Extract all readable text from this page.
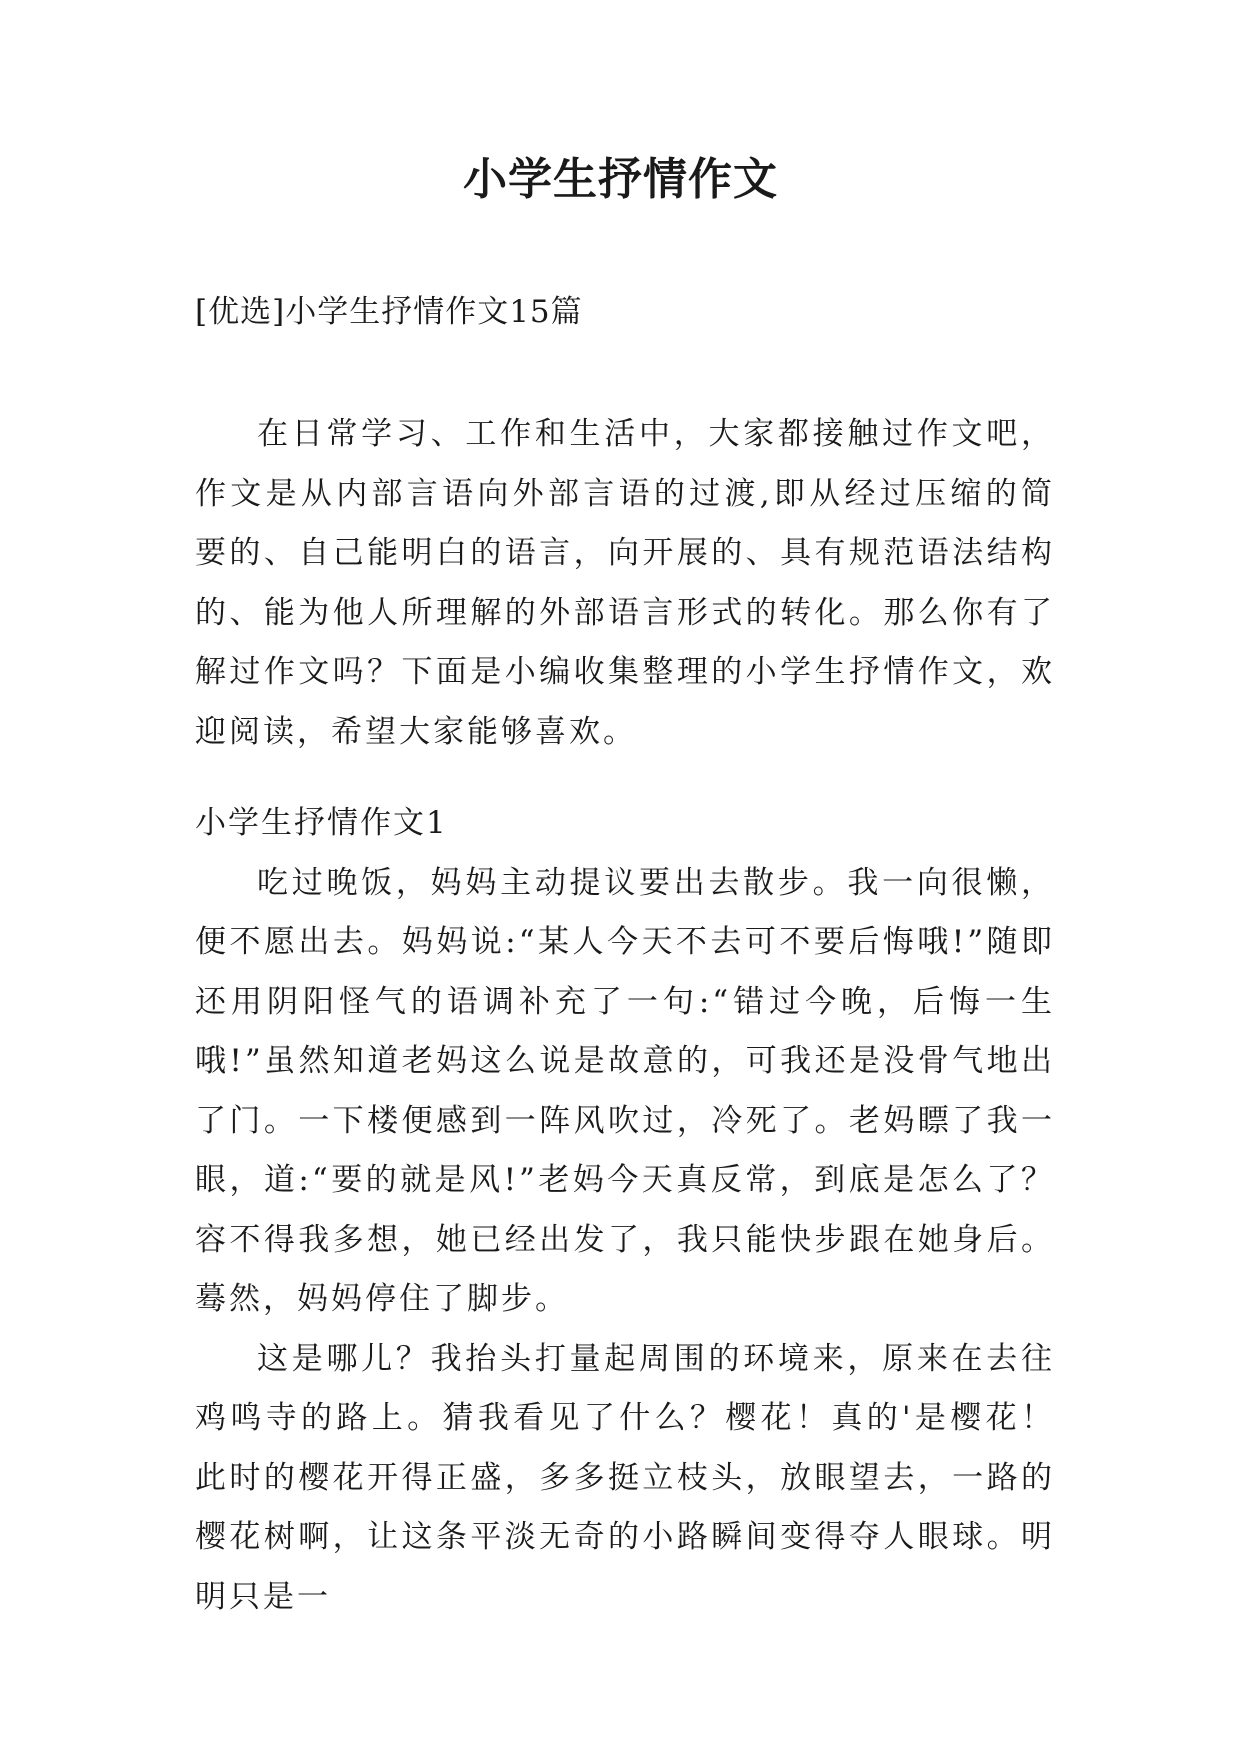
小学生抒情作文
[优选]小学生抒情作文15篇

在日常学习、工作和生活中，大家都接触过作文吧，作文是从内部言语向外部言语的过渡,即从经过压缩的简要的、自己能明白的语言，向开展的、具有规范语法结构的、能为他人所理解的外部语言形式的转化。那么你有了解过作文吗？下面是小编收集整理的小学生抒情作文，欢迎阅读，希望大家能够喜欢。

小学生抒情作文1

吃过晚饭，妈妈主动提议要出去散步。我一向很懒，便不愿出去。妈妈说:“某人今天不去可不要后悔哦!”随即还用阴阳怪气的语调补充了一句:“错过今晚，后悔一生哦!”虽然知道老妈这么说是故意的，可我还是没骨气地出了门。一下楼便感到一阵风吹过，冷死了。老妈瞟了我一眼，道:“要的就是风!”老妈今天真反常，到底是怎么了？容不得我多想，她已经出发了，我只能快步跟在她身后。蓦然，妈妈停住了脚步。

这是哪儿？我抬头打量起周围的环境来，原来在去往鸡鸣寺的路上。猜我看见了什么？樱花！真的'是樱花！此时的樱花开得正盛，多多挺立枝头，放眼望去，一路的樱花树啊，让这条平淡无奇的小路瞬间变得夺人眼球。明明只是一
